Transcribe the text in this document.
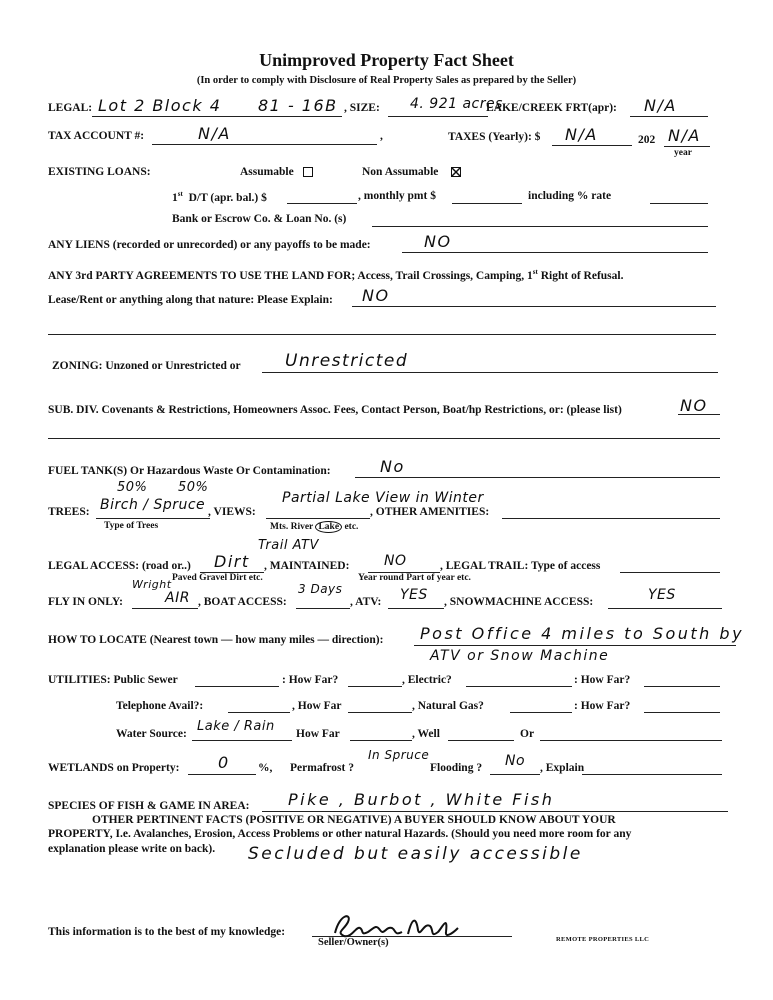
Unimproved Property Fact Sheet
(In order to comply with Disclosure of Real Property Sales as prepared by the Seller)
LEGAL: Lot 2 Block 4 81 - 16B , SIZE: 4. 921 acres
LAKE/CREEK FRT(apr): N/A
TAX ACCOUNT #:	N/A	,	TAXES (Yearly): $ N/A	202 N/A
year
EXISTING LOANS:	Assumable	Non Assumable
1st D/T (apr. bal.) $	, monthly pmt $	including % rate
Bank or Escrow Co. & Loan No. (s)
ANY LIENS (recorded or unrecorded) or any payoffs to be made:	NO
ANY 3rd PARTY AGREEMENTS TO USE THE LAND FOR; Access, Trail Crossings, Camping, 1st Right of Refusal.
Lease/Rent or anything along that nature: Please Explain: NO
ZONING: Unzoned or Unrestricted or	Unrestricted
SUB. DIV. Covenants & Restrictions, Homeowners Assoc. Fees, Contact Person, Boat/hp Restrictions, or: (please list)	NO
FUEL TANK(S) Or Hazardous Waste Or Contamination:	No
50% 50%
TREES: Birch / Spruce
Type of Trees
, VIEWS:
Partial Lake View in Winter
Mts. River Lake etc.
, OTHER AMENITIES:
Trail ATV
LEGAL ACCESS: (road or..) Dirt
Paved Gravel Dirt etc.
, MAINTAINED: NO
Year round Part of year etc.
, LEGAL TRAIL: Type of access
Wright
FLY IN ONLY:	AIR , BOAT ACCESS:
3 Days
, ATV: YES , SNOWMACHINE ACCESS:	YES
HOW TO LOCATE (Nearest town — how many miles — direction): Post Office 4 miles to South by
ATV or Snow Machine
UTILITIES: Public Sewer	: How Far?	, Electric?	: How Far?
Telephone Avail?:	, How Far	, Natural Gas?	: How Far?
Water Source: Lake / Rain How Far	, Well	Or
WETLANDS on Property: 0 %, Permafrost ?
In Spruce
Flooding ? No , Explain
SPECIES OF FISH & GAME IN AREA: Pike , Burbot , White Fish
OTHER PERTINENT FACTS (POSITIVE OR NEGATIVE) A BUYER SHOULD KNOW ABOUT YOUR
PROPERTY, I.e. Avalanches, Erosion, Access Problems or other natural Hazards. (Should you need more room for any
explanation please write on back). Secluded but easily accessible
This information is to the best of my knowledge:
Seller/Owner(s)	REMOTE PROPERTIES LLC
